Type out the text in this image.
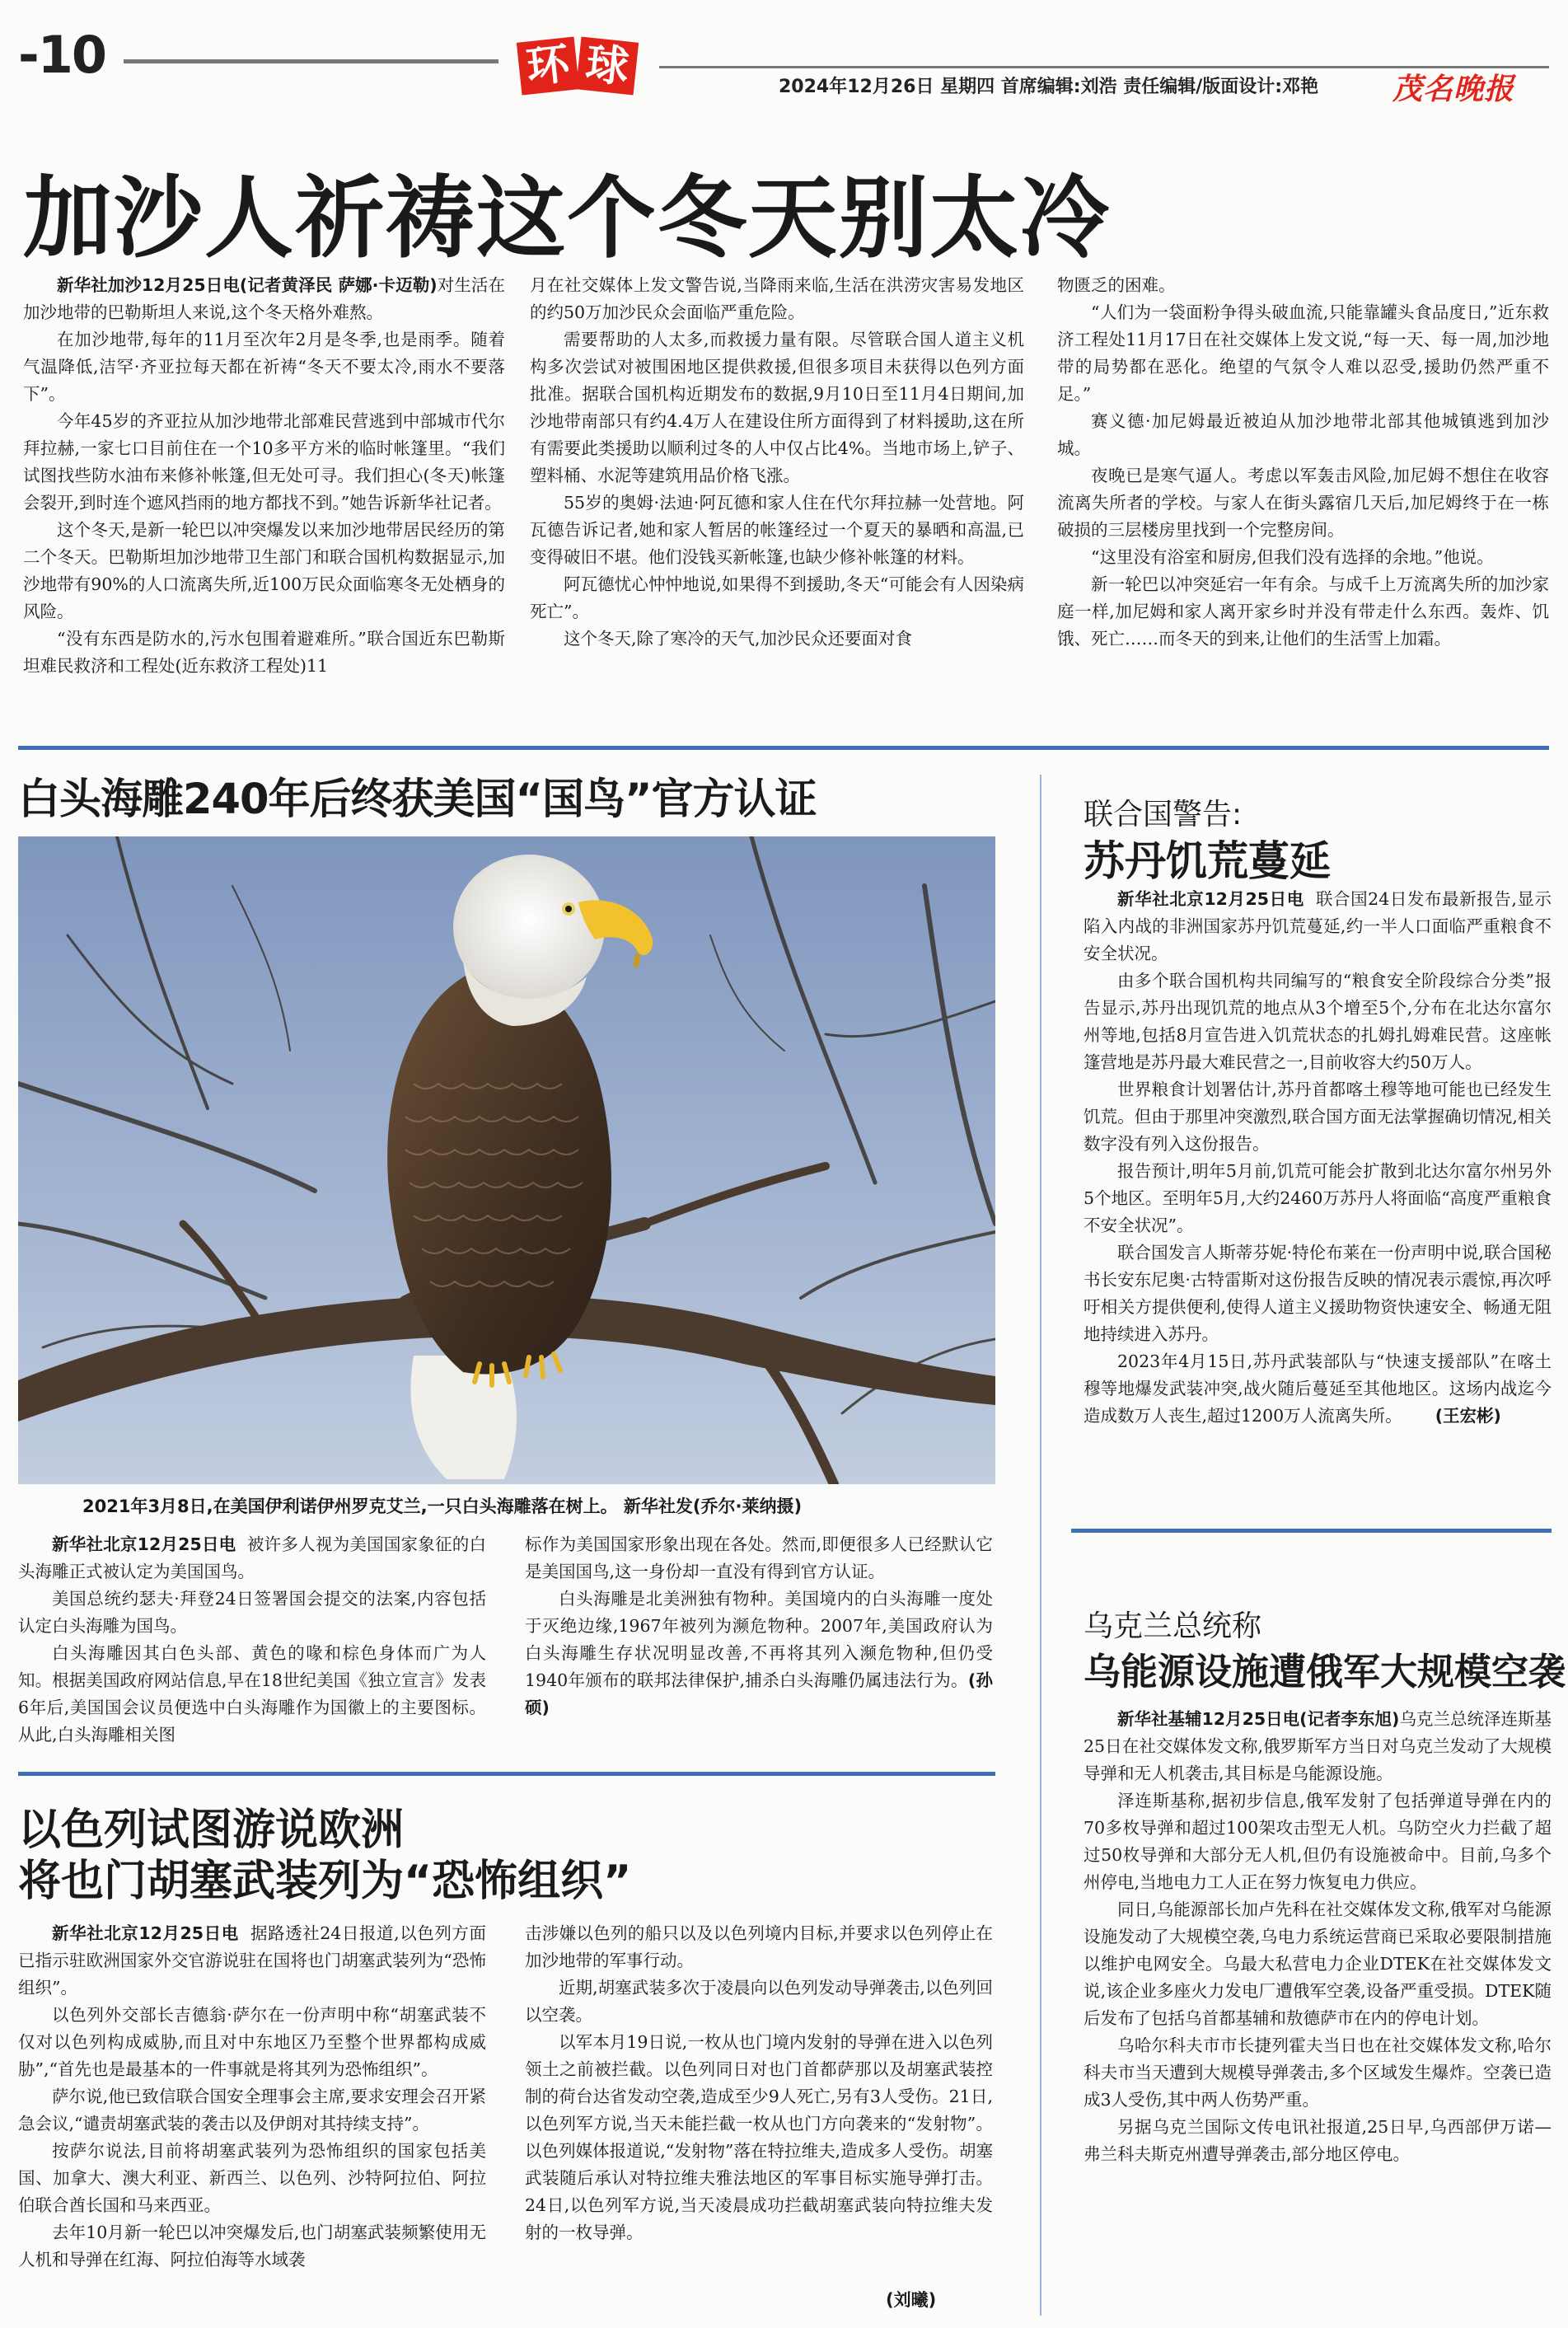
-10	环 球	2024年12月26日 星期四 首席编辑:刘浩 责任编辑/版面设计:邓艳 茂名晚报
加沙人祈祷这个冬天别太冷

新华社加沙12月25日电(记者黄泽民 萨娜·卡迈勒)对生活在加沙地带的巴勒斯坦人来说,这个冬天格外难熬。

在加沙地带,每年的11月至次年2月是冬季,也是雨季。随着气温降低,洁罕·齐亚拉每天都在祈祷“冬天不要太冷,雨水不要落下”。

今年45岁的齐亚拉从加沙地带北部难民营逃到中部城市代尔拜拉赫,一家七口目前住在一个10多平方米的临时帐篷里。“我们试图找些防水油布来修补帐篷,但无处可寻。我们担心(冬天)帐篷会裂开,到时连个遮风挡雨的地方都找不到。”她告诉新华社记者。

这个冬天,是新一轮巴以冲突爆发以来加沙地带居民经历的第二个冬天。巴勒斯坦加沙地带卫生部门和联合国机构数据显示,加沙地带有90%的人口流离失所,近100万民众面临寒冬无处栖身的风险。

“没有东西是防水的,污水包围着避难所。”联合国近东巴勒斯坦难民救济和工程处(近东救济工程处)11

月在社交媒体上发文警告说,当降雨来临,生活在洪涝灾害易发地区的约50万加沙民众会面临严重危险。

需要帮助的人太多,而救援力量有限。尽管联合国人道主义机构多次尝试对被围困地区提供救援,但很多项目未获得以色列方面批准。据联合国机构近期发布的数据,9月10日至11月4日期间,加沙地带南部只有约4.4万人在建设住所方面得到了材料援助,这在所有需要此类援助以顺利过冬的人中仅占比4%。当地市场上,铲子、塑料桶、水泥等建筑用品价格飞涨。

55岁的奥姆·法迪·阿瓦德和家人住在代尔拜拉赫一处营地。阿瓦德告诉记者,她和家人暂居的帐篷经过一个夏天的暴晒和高温,已变得破旧不堪。他们没钱买新帐篷,也缺少修补帐篷的材料。

阿瓦德忧心忡忡地说,如果得不到援助,冬天“可能会有人因染病死亡”。

这个冬天,除了寒冷的天气,加沙民众还要面对食

物匮乏的困难。

“人们为一袋面粉争得头破血流,只能靠罐头食品度日,”近东救济工程处11月17日在社交媒体上发文说,“每一天、每一周,加沙地带的局势都在恶化。绝望的气氛令人难以忍受,援助仍然严重不足。”

赛义德·加尼姆最近被迫从加沙地带北部其他城镇逃到加沙城。

夜晚已是寒气逼人。考虑以军轰击风险,加尼姆不想住在收容流离失所者的学校。与家人在街头露宿几天后,加尼姆终于在一栋破损的三层楼房里找到一个完整房间。

“这里没有浴室和厨房,但我们没有选择的余地。”他说。

新一轮巴以冲突延宕一年有余。与成千上万流离失所的加沙家庭一样,加尼姆和家人离开家乡时并没有带走什么东西。轰炸、饥饿、死亡……而冬天的到来,让他们的生活雪上加霜。

白头海雕240年后终获美国“国鸟”官方认证
2021年3月8日,在美国伊利诺伊州罗克艾兰,一只白头海雕落在树上。 新华社发(乔尔·莱纳摄)

新华社北京12月25日电 被许多人视为美国国家象征的白头海雕正式被认定为美国国鸟。

美国总统约瑟夫·拜登24日签署国会提交的法案,内容包括认定白头海雕为国鸟。

白头海雕因其白色头部、黄色的喙和棕色身体而广为人知。根据美国政府网站信息,早在18世纪美国《独立宣言》发表6年后,美国国会议员便选中白头海雕作为国徽上的主要图标。从此,白头海雕相关图

标作为美国国家形象出现在各处。然而,即便很多人已经默认它是美国国鸟,这一身份却一直没有得到官方认证。

白头海雕是北美洲独有物种。美国境内的白头海雕一度处于灭绝边缘,1967年被列为濒危物种。2007年,美国政府认为白头海雕生存状况明显改善,不再将其列入濒危物种,但仍受1940年颁布的联邦法律保护,捕杀白头海雕仍属违法行为。(孙硕)

以色列试图游说欧洲
将也门胡塞武装列为“恐怖组织”

新华社北京12月25日电 据路透社24日报道,以色列方面已指示驻欧洲国家外交官游说驻在国将也门胡塞武装列为“恐怖组织”。

以色列外交部长吉德翁·萨尔在一份声明中称“胡塞武装不仅对以色列构成威胁,而且对中东地区乃至整个世界都构成威胁”,“首先也是最基本的一件事就是将其列为恐怖组织”。

萨尔说,他已致信联合国安全理事会主席,要求安理会召开紧急会议,“谴责胡塞武装的袭击以及伊朗对其持续支持”。

按萨尔说法,目前将胡塞武装列为恐怖组织的国家包括美国、加拿大、澳大利亚、新西兰、以色列、沙特阿拉伯、阿拉伯联合酋长国和马来西亚。

去年10月新一轮巴以冲突爆发后,也门胡塞武装频繁使用无人机和导弹在红海、阿拉伯海等水域袭

击涉嫌以色列的船只以及以色列境内目标,并要求以色列停止在加沙地带的军事行动。

近期,胡塞武装多次于凌晨向以色列发动导弹袭击,以色列回以空袭。

以军本月19日说,一枚从也门境内发射的导弹在进入以色列领土之前被拦截。以色列同日对也门首都萨那以及胡塞武装控制的荷台达省发动空袭,造成至少9人死亡,另有3人受伤。21日,以色列军方说,当天未能拦截一枚从也门方向袭来的“发射物”。以色列媒体报道说,“发射物”落在特拉维夫,造成多人受伤。胡塞武装随后承认对特拉维夫雅法地区的军事目标实施导弹打击。24日,以色列军方说,当天凌晨成功拦截胡塞武装向特拉维夫发射的一枚导弹。

(刘曦)
联合国警告:
苏丹饥荒蔓延

新华社北京12月25日电 联合国24日发布最新报告,显示陷入内战的非洲国家苏丹饥荒蔓延,约一半人口面临严重粮食不安全状况。

由多个联合国机构共同编写的“粮食安全阶段综合分类”报告显示,苏丹出现饥荒的地点从3个增至5个,分布在北达尔富尔州等地,包括8月宣告进入饥荒状态的扎姆扎姆难民营。这座帐篷营地是苏丹最大难民营之一,目前收容大约50万人。

世界粮食计划署估计,苏丹首都喀土穆等地可能也已经发生饥荒。但由于那里冲突激烈,联合国方面无法掌握确切情况,相关数字没有列入这份报告。

报告预计,明年5月前,饥荒可能会扩散到北达尔富尔州另外5个地区。至明年5月,大约2460万苏丹人将面临“高度严重粮食不安全状况”。

联合国发言人斯蒂芬妮·特伦布莱在一份声明中说,联合国秘书长安东尼奥·古特雷斯对这份报告反映的情况表示震惊,再次呼吁相关方提供便利,使得人道主义援助物资快速安全、畅通无阻地持续进入苏丹。

2023年4月15日,苏丹武装部队与“快速支援部队”在喀土穆等地爆发武装冲突,战火随后蔓延至其他地区。这场内战迄今造成数万人丧生,超过1200万人流离失所。 (王宏彬)

乌克兰总统称
乌能源设施遭俄军大规模空袭

新华社基辅12月25日电(记者李东旭)乌克兰总统泽连斯基25日在社交媒体发文称,俄罗斯军方当日对乌克兰发动了大规模导弹和无人机袭击,其目标是乌能源设施。

泽连斯基称,据初步信息,俄军发射了包括弹道导弹在内的70多枚导弹和超过100架攻击型无人机。乌防空火力拦截了超过50枚导弹和大部分无人机,但仍有设施被命中。目前,乌多个州停电,当地电力工人正在努力恢复电力供应。

同日,乌能源部长加卢先科在社交媒体发文称,俄军对乌能源设施发动了大规模空袭,乌电力系统运营商已采取必要限制措施以维护电网安全。乌最大私营电力企业DTEK在社交媒体发文说,该企业多座火力发电厂遭俄军空袭,设备严重受损。DTEK随后发布了包括乌首都基辅和敖德萨市在内的停电计划。

乌哈尔科夫市市长捷列霍夫当日也在社交媒体发文称,哈尔科夫市当天遭到大规模导弹袭击,多个区域发生爆炸。空袭已造成3人受伤,其中两人伤势严重。

另据乌克兰国际文传电讯社报道,25日早,乌西部伊万诺—弗兰科夫斯克州遭导弹袭击,部分地区停电。
